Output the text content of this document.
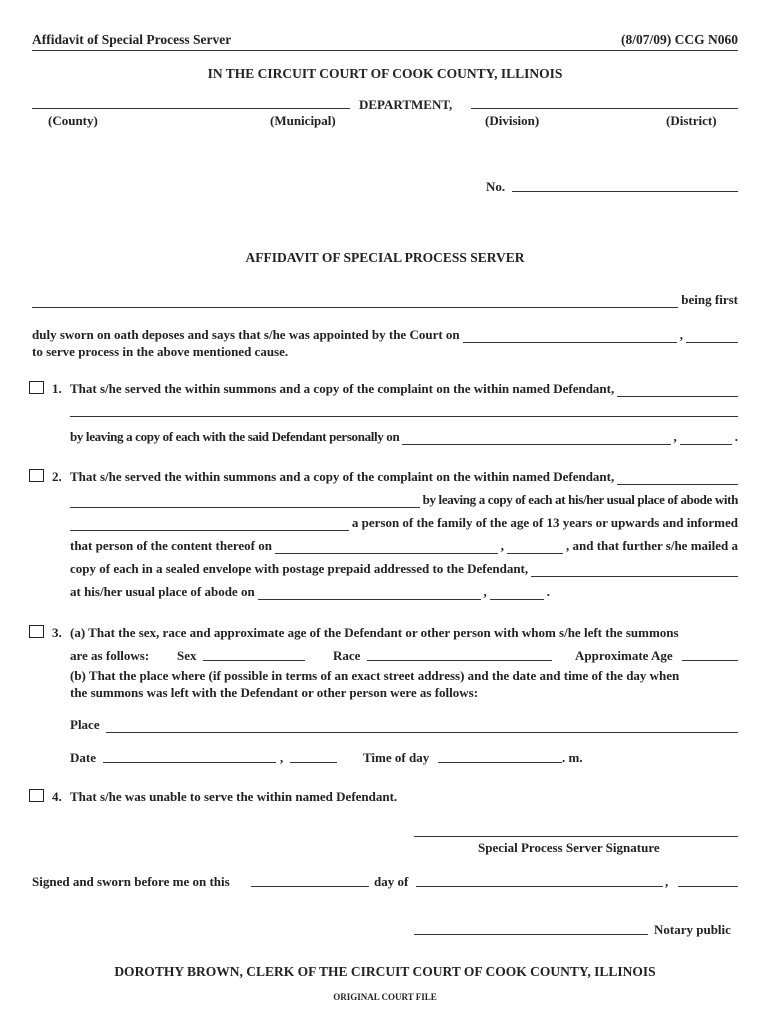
Affidavit of Special Process Server	(8/07/09) CCG N060
IN THE CIRCUIT COURT OF COOK COUNTY, ILLINOIS
DEPARTMENT,
(County)	(Municipal)	(Division)	(District)
No.
AFFIDAVIT OF SPECIAL PROCESS SERVER
being first
duly sworn on oath deposes and says that s/he was appointed by the Court on	,
to serve process in the above mentioned cause.
1. That s/he served the within summons and a copy of the complaint on the within named Defendant,
by leaving a copy of each with the said Defendant personally on	,	.
2. That s/he served the within summons and a copy of the complaint on the within named Defendant,
by leaving a copy of each at his/her usual place of abode with
a person of the family of the age of 13 years or upwards and informed
that person of the content thereof on	,	, and that further s/he mailed a
copy of each in a sealed envelope with postage prepaid addressed to the Defendant,
at his/her usual place of abode on	,	.
3. (a) That the sex, race and approximate age of the Defendant or other person with whom s/he left the summons
are as follows: Sex	Race	Approximate Age
(b) That the place where (if possible in terms of an exact street address) and the date and time of the day when
the summons was left with the Defendant or other person were as follows:
Place
Date	,	Time of day	. m.
4. That s/he was unable to serve the within named Defendant.
Special Process Server Signature
Signed and sworn before me on this	day of	,
Notary public
DOROTHY BROWN, CLERK OF THE CIRCUIT COURT OF COOK COUNTY, ILLINOIS
ORIGINAL COURT FILE
